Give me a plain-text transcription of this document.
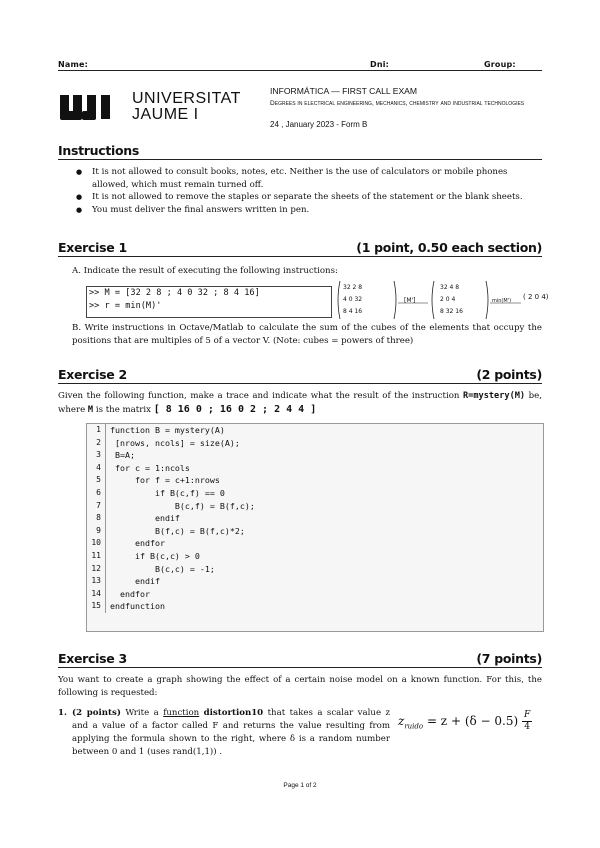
Name:	Dni:	Group:
UNIVERSITAT
JAUME I
INFORMÁTICA — FIRST CALL EXAM
Degrees in electrical engineering, mechanics, chemistry and industrial technologies
24 , January 2023 - Form B
Instructions
● It is not allowed to consult books, notes, etc. Neither is the use of calculators or mobile phones allowed, which must remain turned off.
● It is not allowed to remove the staples or separate the sheets of the statement or the blank sheets.
● You must deliver the final answers written in pen.
Exercise 1	(1 point, 0.50 each section)
A. Indicate the result of executing the following instructions:
>> M = [32 2 8 ; 4 0 32 ; 8 4 16]
>> r = min(M)'
32 2 8
4 0 32
8 4 16
[M']
32 4 8
2 0 4
8 32 16
min(M') ( 2 0 4)
B. Write instructions in Octave/Matlab to calculate the sum of the cubes of the elements that occupy the positions that are multiples of 5 of a vector V. (Note: cubes = powers of three)
Exercise 2	(2 points)
Given the following function, make a trace and indicate what the result of the instruction R=mystery(M) be, where M is the matrix [ 8 16 0 ; 16 0 2 ; 2 4 4 ]
1	function B = mystery(A)
2	[nrows, ncols] = size(A);
3	B=A;
4	for c = 1:ncols
5	for f = c+1:nrows
6	if B(c,f) == 0
7	B(c,f) = B(f,c);
8	endif
9	B(f,c) = B(f,c)*2;
10	endfor
11	if B(c,c) > 0
12	B(c,c) = -1;
13	endif
14	endfor
15	endfunction
Exercise 3	(7 points)
You want to create a graph showing the effect of a certain noise model on a known function. For this, the following is requested:
1. (2 points) Write a function distortion10 that takes a scalar value z and a value of a factor called F and returns the value resulting from applying the formula shown to the right, where δ is a random number between 0 and 1 (uses rand(1,1)) .
$z_{ruido} = z + (\delta - 0.5) \frac{F}{4}$
Page 1 of 2
